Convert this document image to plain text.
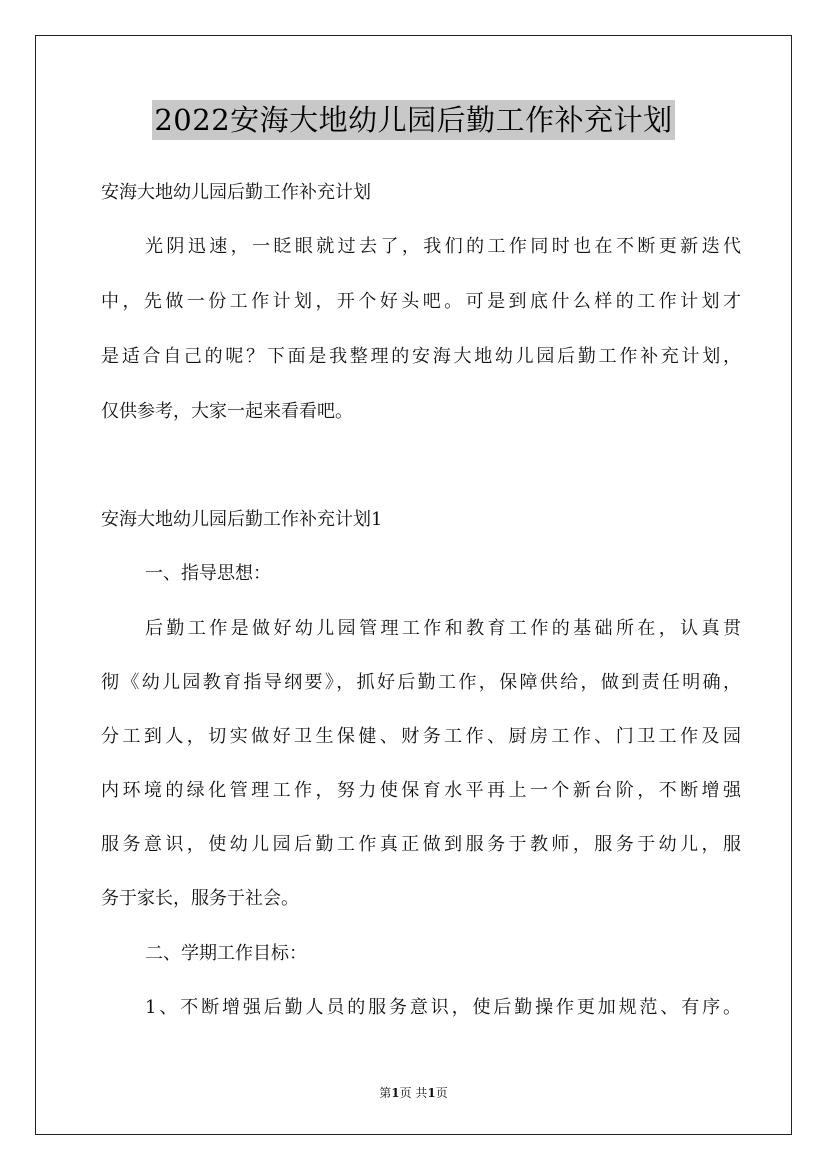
2022安海大地幼儿园后勤工作补充计划
安海大地幼儿园后勤工作补充计划
光阴迅速，一眨眼就过去了，我们的工作同时也在不断更新迭代
中，先做一份工作计划，开个好头吧。可是到底什么样的工作计划才
是适合自己的呢？下面是我整理的安海大地幼儿园后勤工作补充计划，
仅供参考，大家一起来看看吧。
安海大地幼儿园后勤工作补充计划1
一、指导思想：
后勤工作是做好幼儿园管理工作和教育工作的基础所在，认真贯
彻《幼儿园教育指导纲要》，抓好后勤工作，保障供给，做到责任明确，
分工到人，切实做好卫生保健、财务工作、厨房工作、门卫工作及园
内环境的绿化管理工作，努力使保育水平再上一个新台阶，不断增强
服务意识，使幼儿园后勤工作真正做到服务于教师，服务于幼儿，服
务于家长，服务于社会。
二、学期工作目标：
1、不断增强后勤人员的服务意识，使后勤操作更加规范、有序。
第1页 共1页
